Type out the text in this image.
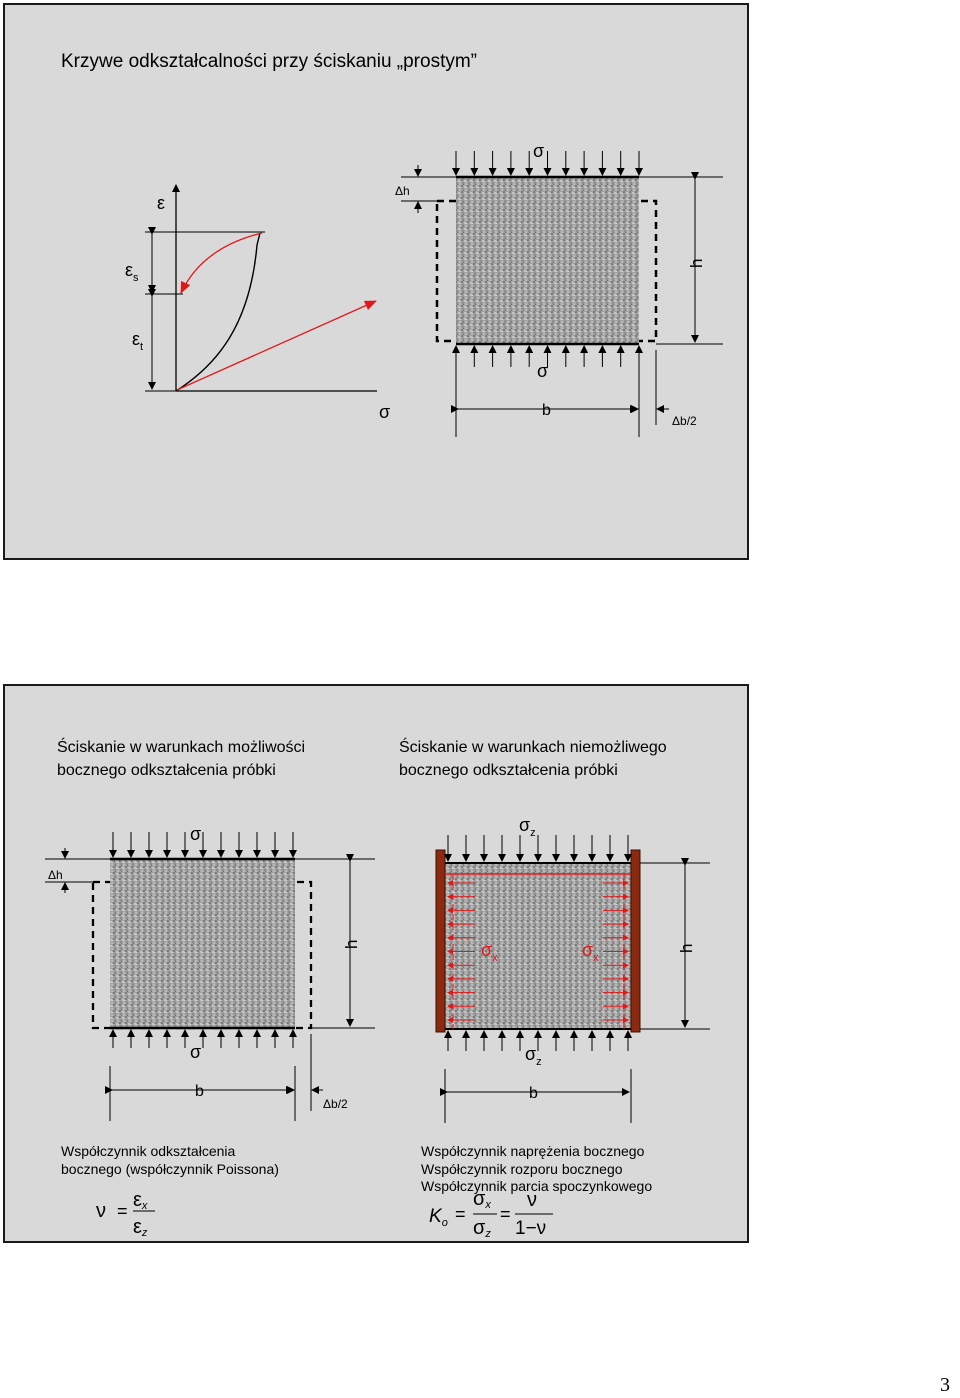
Krzywe odkształcalności przy ściskaniu „prostym”
ε
$\varepsilon_s$
$\varepsilon_t$
σ
σ
σ
Δh
h
b
Δb/2
Ściskanie w warunkach możliwości
bocznego odkształcenia próbki
Ściskanie w warunkach niemożliwego
bocznego odkształcenia próbki
σ
σ
Δh
h
b
Δb/2
$\sigma_z$
$\sigma_z$
$\sigma_x$	$\sigma_x$
h
b
Współczynnik odkształcenia
bocznego (współczynnik Poissona)
ν = εx
εz
Współczynnik naprężenia bocznego
Współczynnik rozporu bocznego
Współczynnik parcia spoczynkowego
$K_o$ =
σx
σz
=
ν
1−ν
3
